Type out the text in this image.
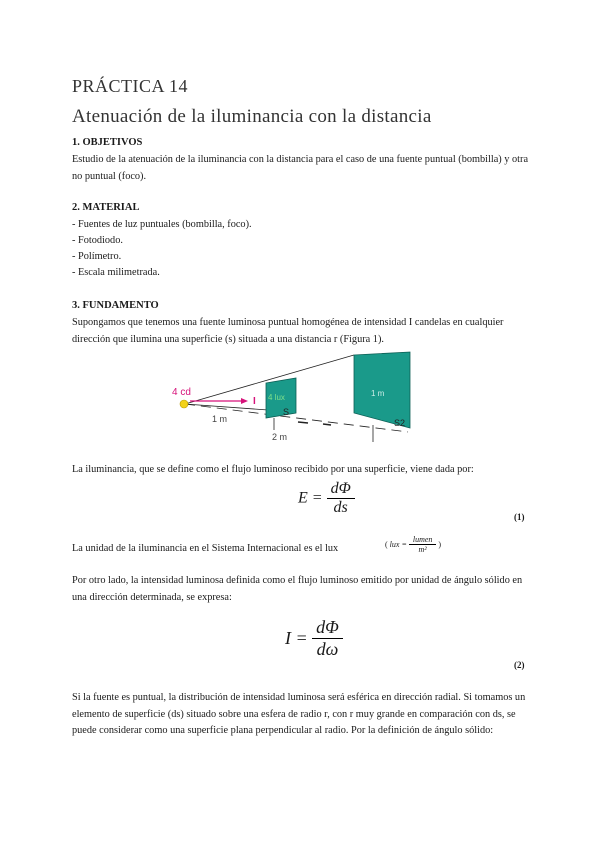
PRÁCTICA 14
Atenuación de la iluminancia con la distancia
1. OBJETIVOS
Estudio de la atenuación de la iluminancia con la distancia para el caso de una fuente puntual (bombilla) y otra no puntual (foco).
2. MATERIAL
- Fuentes de luz puntuales (bombilla, foco).
- Fotodiodo.
- Polímetro.
- Escala milimetrada.
3. FUNDAMENTO
Supongamos que tenemos una fuente luminosa puntual homogénea de intensidad I candelas en cualquier dirección que ilumina una superficie (s) situada a una distancia r (Figura 1).
4 cd
I 4 lux	1 m
S
S2
1 m
2 m
La iluminancia, que se define como el flujo luminoso recibido por una superficie, viene dada por:
$E = \frac{d\Phi}{ds}$	(1)
La unidad de la iluminancia en el Sistema Internacional es el lux	( lux = $\frac{\text{lumen}}{\text{m²}}$ )
Por otro lado, la intensidad luminosa definida como el flujo luminoso emitido por unidad de ángulo sólido en una dirección determinada, se expresa:
$I = \frac{d\Phi}{d\omega}$
(2)
Si la fuente es puntual, la distribución de intensidad luminosa será esférica en dirección radial. Si tomamos un elemento de superficie (ds) situado sobre una esfera de radio r, con r muy grande en comparación con ds, se puede considerar como una superficie plana perpendicular al radio. Por la definición de ángulo sólido:
